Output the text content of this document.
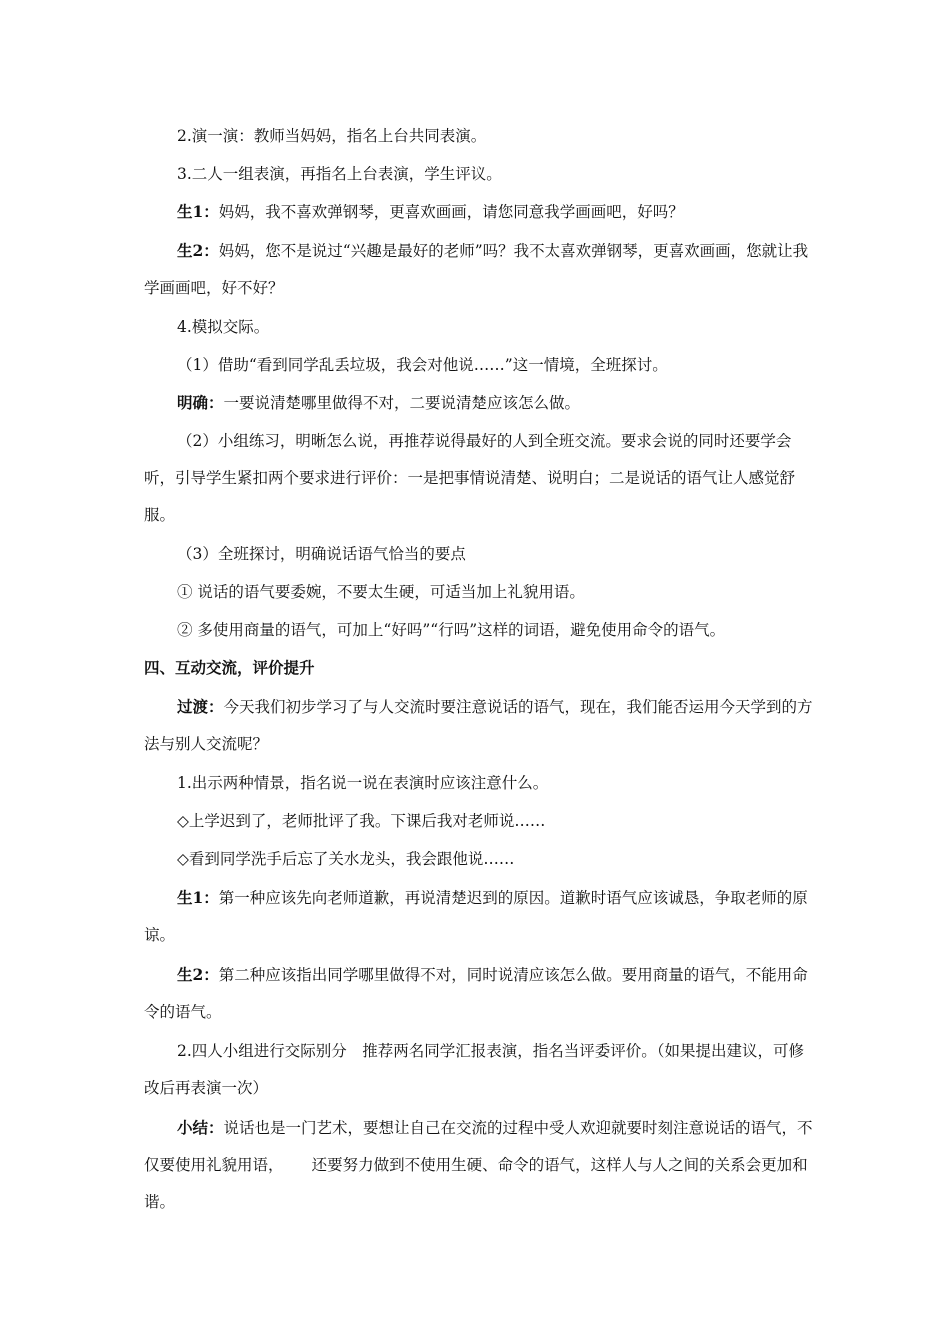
2.演一演：教师当妈妈，指名上台共同表演。

3.二人一组表演，再指名上台表演，学生评议。

生1：妈妈，我不喜欢弹钢琴，更喜欢画画，请您同意我学画画吧，好吗？

生2：妈妈，您不是说过“兴趣是最好的老师”吗？我不太喜欢弹钢琴，更喜欢画画，您就让我学画画吧，好不好？

4.模拟交际。

（1）借助“看到同学乱丢垃圾，我会对他说……”这一情境，全班探讨。

明确：一要说清楚哪里做得不对，二要说清楚应该怎么做。

（2）小组练习，明晰怎么说，再推荐说得最好的人到全班交流。要求会说的同时还要学会听，引导学生紧扣两个要求进行评价：一是把事情说清楚、说明白；二是说话的语气让人感觉舒服。

（3）全班探讨，明确说话语气恰当的要点

① 说话的语气要委婉，不要太生硬，可适当加上礼貌用语。

② 多使用商量的语气，可加上“好吗”“行吗”这样的词语，避免使用命令的语气。

四、互动交流，评价提升

过渡：今天我们初步学习了与人交流时要注意说话的语气，现在，我们能否运用今天学到的方法与别人交流呢？

1.出示两种情景，指名说一说在表演时应该注意什么。

◇上学迟到了，老师批评了我。下课后我对老师说……

◇看到同学洗手后忘了关水龙头，我会跟他说……

生1：第一种应该先向老师道歉，再说清楚迟到的原因。道歉时语气应该诚恳，争取老师的原谅。

生2：第二种应该指出同学哪里做得不对，同时说清应该怎么做。要用商量的语气，不能用命令的语气。

2.四人小组进行交际别分　推荐两名同学汇报表演，指名当评委评价。（如果提出建议，可修改后再表演一次）

小结：说话也是一门艺术，要想让自己在交流的过程中受人欢迎就要时刻注意说话的语气，不仅要使用礼貌用语，　　 还要努力做到不使用生硬、命令的语气，这样人与人之间的关系会更加和谐。
